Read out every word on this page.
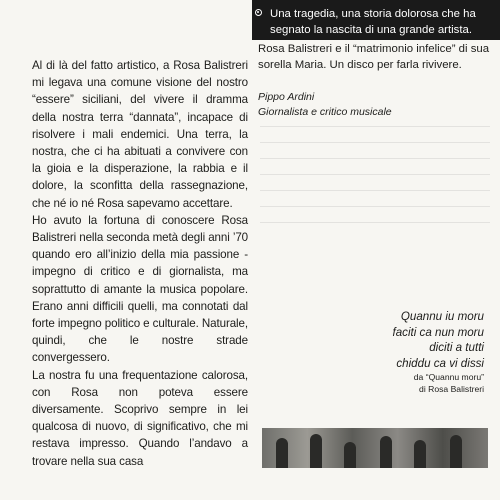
Al di là del fatto artistico, a Rosa Balistreri mi legava una comune visione del nostro “essere” siciliani, del vivere il dramma della nostra terra “dannata”, incapace di risolvere i mali endemici. Una terra, la nostra, che ci ha abituati a convivere con la gioia e la disperazione, la rabbia e il dolore, la sconfitta della rassegnazione, che né io né Rosa sapevamo accettare.

Ho avuto la fortuna di conoscere Rosa Balistreri nella seconda metà degli anni ’70 quando ero all’inizio della mia passione - impegno di critico e di giornalista, ma soprattutto di amante la musica popolare. Erano anni difficili quelli, ma connotati dal forte impegno politico e culturale. Naturale, quindi, che le nostre strade convergessero.

La nostra fu una frequentazione calorosa, con Rosa non poteva essere diversamente. Scoprivo sempre in lei qualcosa di nuovo, di significativo, che mi restava impresso. Quando l’andavo a trovare nella sua casa

Una tragedia, una storia dolorosa che ha segnato la nascita di una grande artista.
Rosa Balistreri e il “matrimonio infelice” di sua sorella Maria. Un disco per farla rivivere.
Pippo Ardini
Giornalista e critico musicale
Quannu iu moru
faciti ca nun moru
diciti a tutti
chiddu ca vi dissi
da “Quannu moru”
di Rosa Balistreri
